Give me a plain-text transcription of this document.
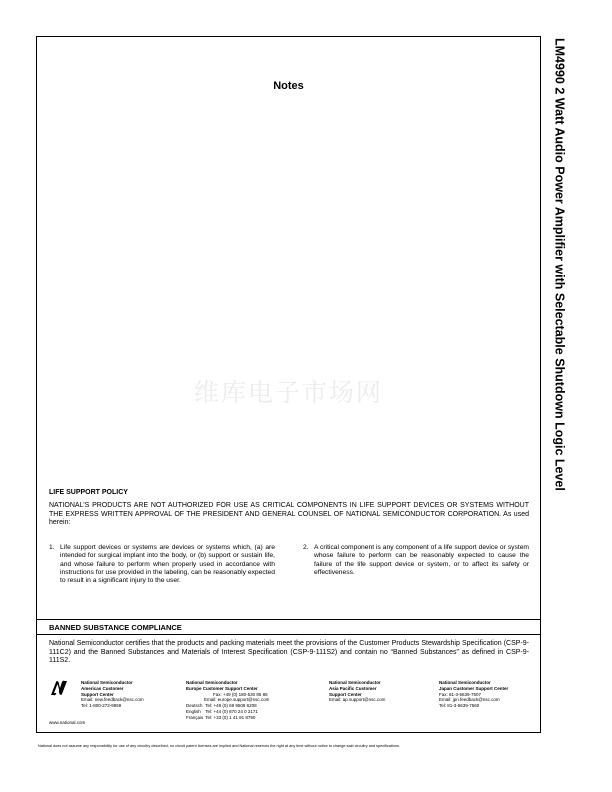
Notes	LM4990 2 Watt Audio Power Amplifier with Selectable Shutdown Logic Level
维库电子市场网
LIFE SUPPORT POLICY
NATIONAL’S PRODUCTS ARE NOT AUTHORIZED FOR USE AS CRITICAL COMPONENTS IN LIFE SUPPORT DEVICES OR SYSTEMS WITHOUT THE EXPRESS WRITTEN APPROVAL OF THE PRESIDENT AND GENERAL COUNSEL OF NATIONAL SEMICONDUCTOR CORPORATION. As used herein:
1. Life support devices or systems are devices or systems which, (a) are intended for surgical implant into the body, or (b) support or sustain life, and whose failure to perform when properly used in accordance with instructions for use provided in the labeling, can be reasonably expected to result in a significant injury to the user.
2. A critical component is any component of a life support device or system whose failure to perform can be reasonably expected to cause the failure of the life support device or system, or to affect its safety or effectiveness.
BANNED SUBSTANCE COMPLIANCE
National Semiconductor certifies that the products and packing materials meet the provisions of the Customer Products Stewardship Specification (CSP-9-111C2) and the Banned Substances and Materials of Interest Specification (CSP-9-111S2) and contain no “Banned Substances” as defined in CSP-9-111S2.
National Semiconductor
Americas Customer
Support Center
Email: new.feedback@nsc.com
Tel: 1-800-272-9959
National Semiconductor
Europe Customer Support Center
Fax: +49 (0) 180-530 85 86
Email: europe.support@nsc.com
Deutsch
Tel: +49 (0) 69 9508 6208
English
	Tel: +44 (0) 870 24 0 2171
Français
Tel: +33 (0) 1 41 91 8790
National Semiconductor
Asia Pacific Customer
Support Center
Email: ap.support@nsc.com
National Semiconductor
Japan Customer Support Center
Fax: 81-3-5639-7507
Email: jpn.feedback@nsc.com
Tel: 81-3-5639-7560
www.national.com
National does not assume any responsibility for use of any circuitry described, no circuit patent licenses are implied and National reserves the right at any time without notice to change said circuitry and specifications.
